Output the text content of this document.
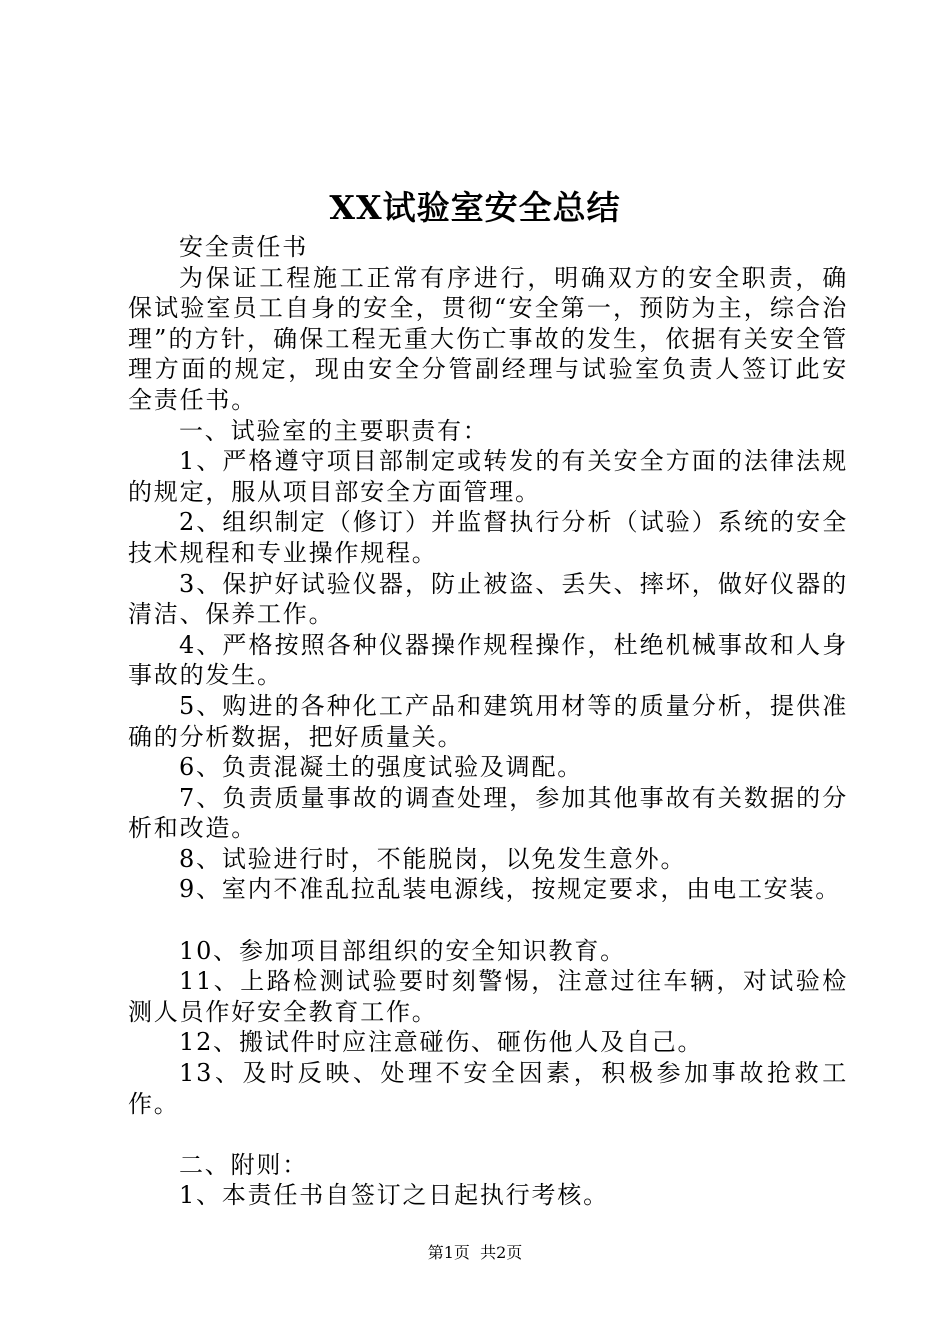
XX试验室安全总结

安全责任书

为保证工程施工正常有序进行，明确双方的安全职责，确保试验室员工自身的安全，贯彻“安全第一，预防为主，综合治理”的方针，确保工程无重大伤亡事故的发生，依据有关安全管理方面的规定，现由安全分管副经理与试验室负责人签订此安全责任书。

一、试验室的主要职责有：

1、严格遵守项目部制定或转发的有关安全方面的法律法规的规定，服从项目部安全方面管理。

2、组织制定（修订）并监督执行分析（试验）系统的安全技术规程和专业操作规程。

3、保护好试验仪器，防止被盗、丢失、摔坏，做好仪器的清洁、保养工作。

4、严格按照各种仪器操作规程操作，杜绝机械事故和人身事故的发生。

5、购进的各种化工产品和建筑用材等的质量分析，提供准确的分析数据，把好质量关。

6、负责混凝土的强度试验及调配。

7、负责质量事故的调查处理，参加其他事故有关数据的分析和改造。

8、试验进行时，不能脱岗，以免发生意外。

9、室内不准乱拉乱装电源线，按规定要求，由电工安装。

10、参加项目部组织的安全知识教育。

11、上路检测试验要时刻警惕，注意过往车辆，对试验检测人员作好安全教育工作。

12、搬试件时应注意碰伤、砸伤他人及自己。

13、及时反映、处理不安全因素，积极参加事故抢救工作。

二、附则：

1、本责任书自签订之日起执行考核。

第1页 共2页
